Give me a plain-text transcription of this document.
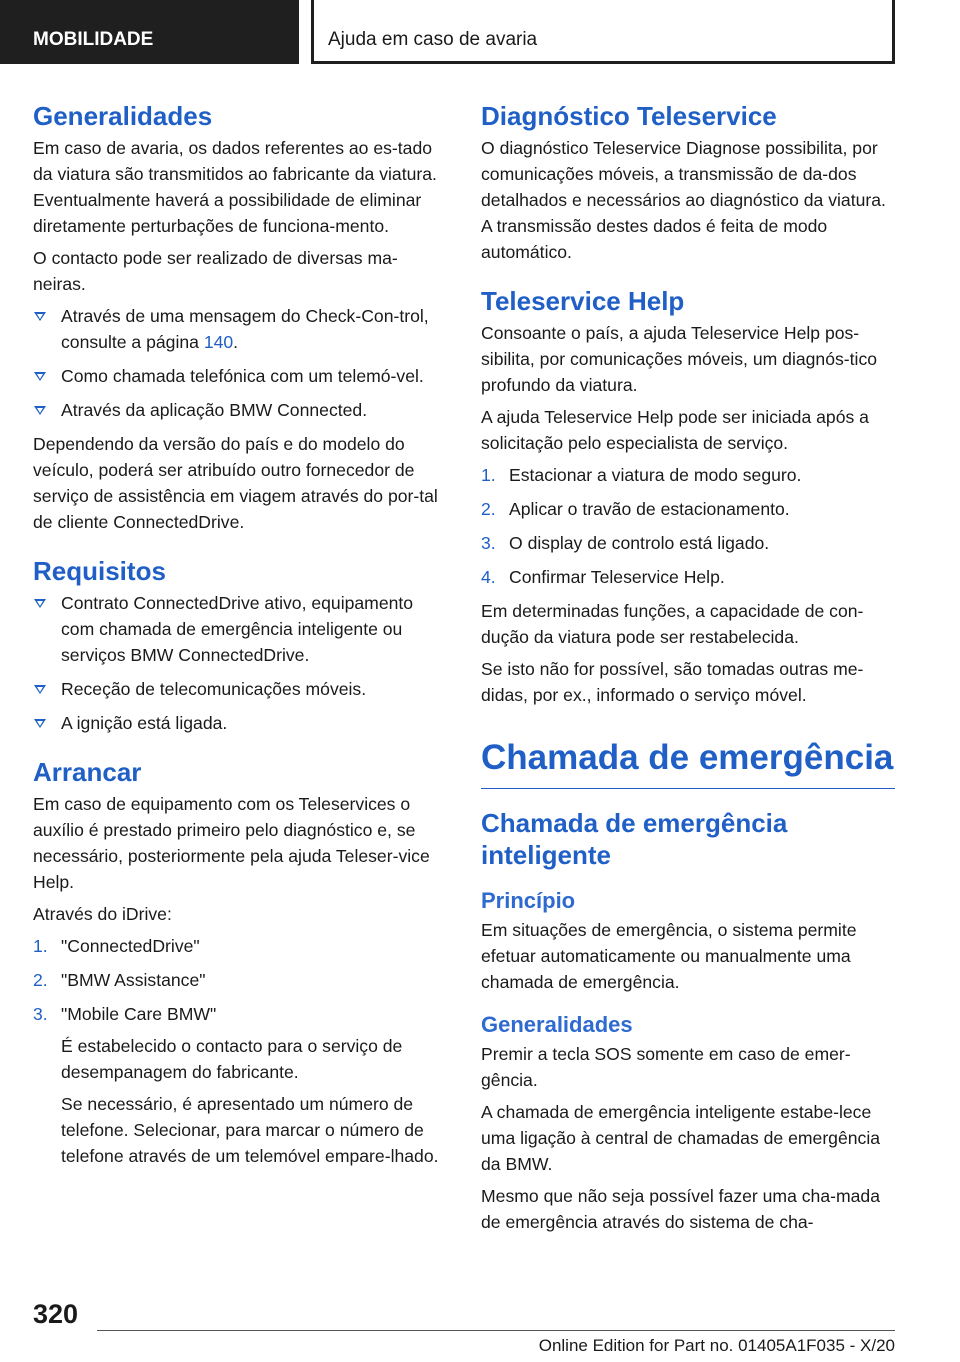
MOBILIDADE	Ajuda em caso de avaria
Generalidades

Em caso de avaria, os dados referentes ao es-tado da viatura são transmitidos ao fabricante da viatura. Eventualmente haverá a possibilidade de eliminar diretamente perturbações de funciona-mento.

O contacto pode ser realizado de diversas ma-neiras.

Através de uma mensagem do Check-Con-trol, consulte a página 140.
Como chamada telefónica com um telemó-vel.
Através da aplicação BMW Connected.

Dependendo da versão do país e do modelo do veículo, poderá ser atribuído outro fornecedor de serviço de assistência em viagem através do por-tal de cliente ConnectedDrive.

Requisitos
Contrato ConnectedDrive ativo, equipamento com chamada de emergência inteligente ou serviços BMW ConnectedDrive.
Receção de telecomunicações móveis.
A ignição está ligada.
Arrancar

Em caso de equipamento com os Teleservices o auxílio é prestado primeiro pelo diagnóstico e, se necessário, posteriormente pela ajuda Teleser-vice Help.

Através do iDrive:

1. "ConnectedDrive"
2. "BMW Assistance"
3. "Mobile Care BMW"
É estabelecido o contacto para o serviço de desempanagem do fabricante.
Se necessário, é apresentado um número de telefone. Selecionar, para marcar o número de telefone através de um telemóvel empare-lhado.
Diagnóstico Teleservice

O diagnóstico Teleservice Diagnose possibilita, por comunicações móveis, a transmissão de da-dos detalhados e necessários ao diagnóstico da viatura. A transmissão destes dados é feita de modo automático.

Teleservice Help

Consoante o país, a ajuda Teleservice Help pos-sibilita, por comunicações móveis, um diagnós-tico profundo da viatura.

A ajuda Teleservice Help pode ser iniciada após a solicitação pelo especialista de serviço.

1. Estacionar a viatura de modo seguro.
2. Aplicar o travão de estacionamento.
3. O display de controlo está ligado.
4. Confirmar Teleservice Help.

Em determinadas funções, a capacidade de con-dução da viatura pode ser restabelecida.

Se isto não for possível, são tomadas outras me-didas, por ex., informado o serviço móvel.

Chamada de emergência
Chamada de emergência inteligente
Princípio

Em situações de emergência, o sistema permite efetuar automaticamente ou manualmente uma chamada de emergência.

Generalidades

Premir a tecla SOS somente em caso de emer-gência.

A chamada de emergência inteligente estabe-lece uma ligação à central de chamadas de emergência da BMW.

Mesmo que não seja possível fazer uma cha-mada de emergência através do sistema de cha-

320
Online Edition for Part no. 01405A1F035 - X/20
